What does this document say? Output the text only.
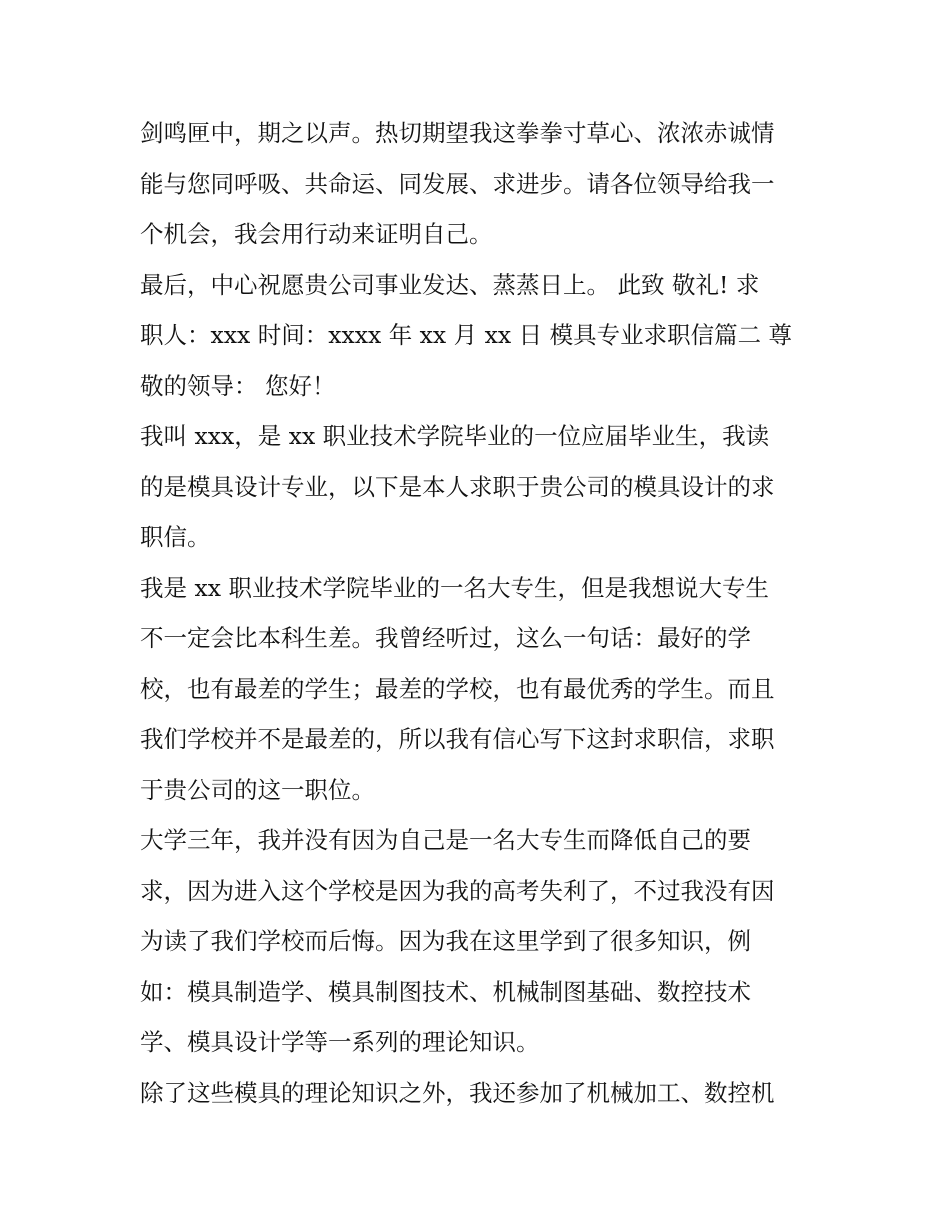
剑鸣匣中，期之以声。热切期望我这拳拳寸草心、浓浓赤诚情
能与您同呼吸、共命运、同发展、求进步。请各位领导给我一
个机会，我会用行动来证明自己。
最后，中心祝愿贵公司事业发达、蒸蒸日上。 此致 敬礼! 求
职人：xxx 时间：xxxx 年 xx 月 xx 日 模具专业求职信篇二 尊
敬的领导： 您好！
我叫 xxx，是 xx 职业技术学院毕业的一位应届毕业生，我读
的是模具设计专业，以下是本人求职于贵公司的模具设计的求
职信。
我是 xx 职业技术学院毕业的一名大专生，但是我想说大专生
不一定会比本科生差。我曾经听过，这么一句话：最好的学
校，也有最差的学生；最差的学校，也有最优秀的学生。而且
我们学校并不是最差的，所以我有信心写下这封求职信，求职
于贵公司的这一职位。
大学三年，我并没有因为自己是一名大专生而降低自己的要
求，因为进入这个学校是因为我的高考失利了，不过我没有因
为读了我们学校而后悔。因为我在这里学到了很多知识，例
如：模具制造学、模具制图技术、机械制图基础、数控技术
学、模具设计学等一系列的理论知识。
除了这些模具的理论知识之外，我还参加了机械加工、数控机
